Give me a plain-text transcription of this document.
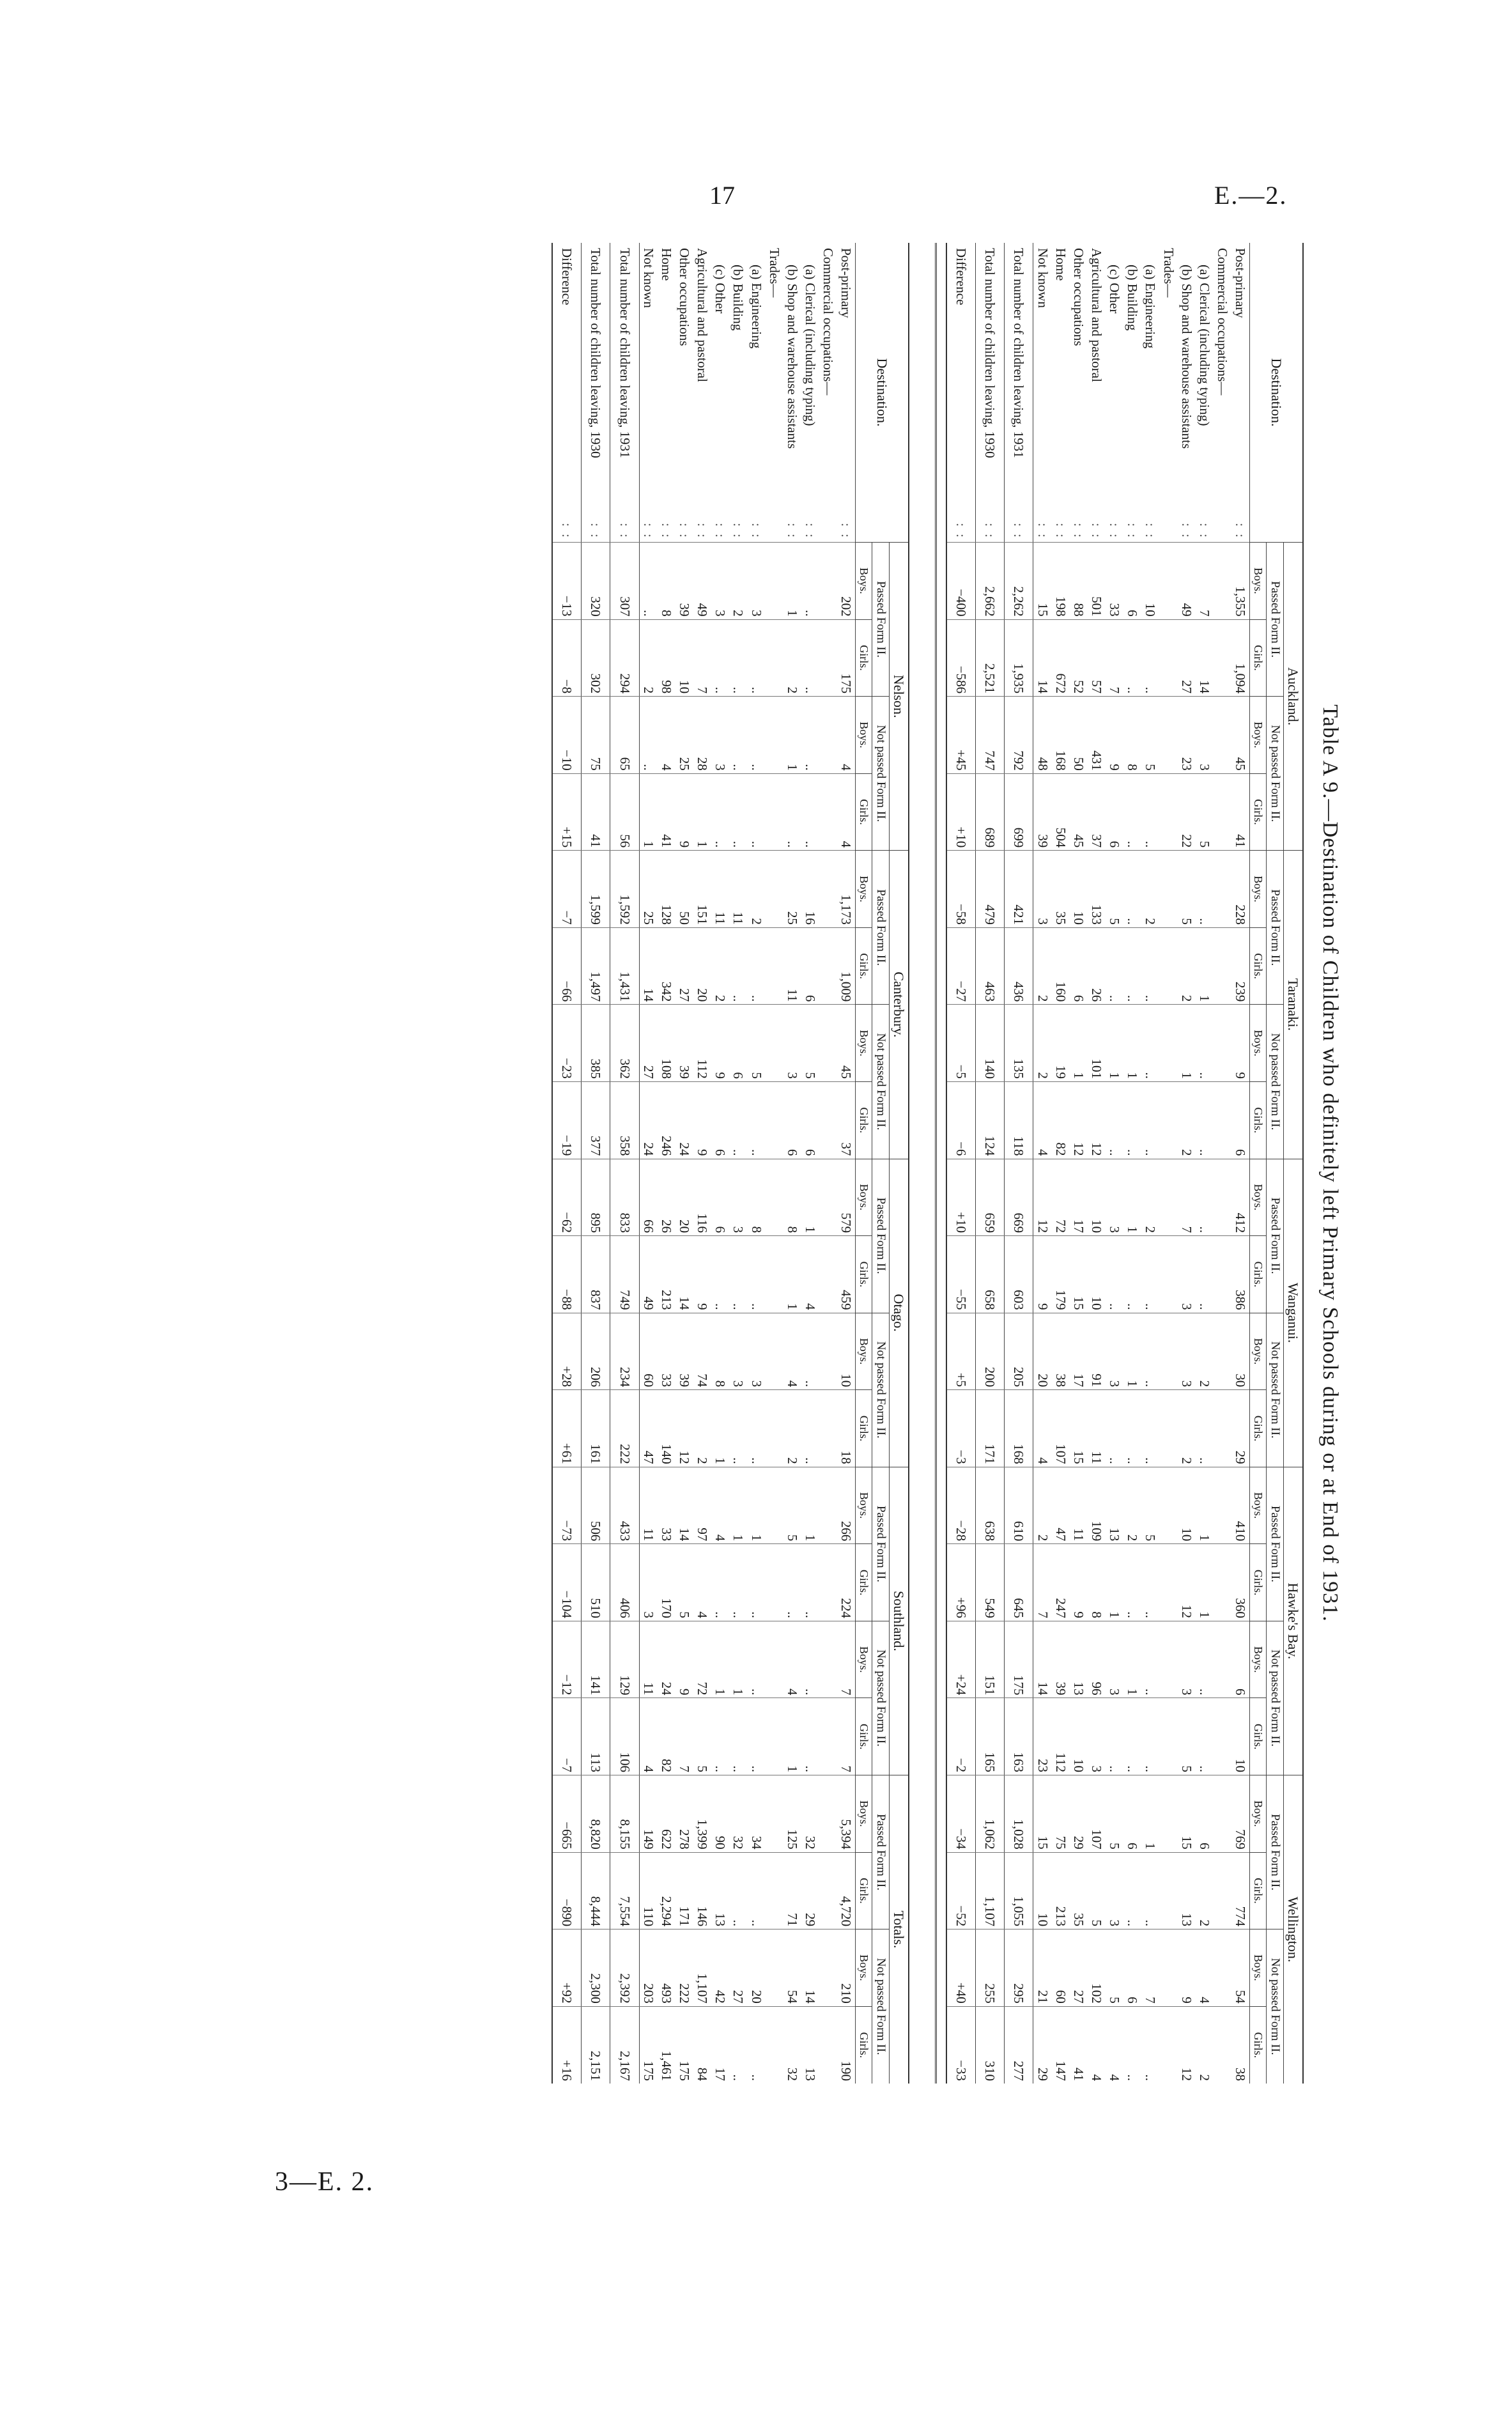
17	E.—2.
3—E. 2.
Table A 9.—Destination of Children who definitely left Primary Schools during or at End of 1931.
Destination.	Auckland.				Taranaki.				Wanganui.				Hawke's Bay.				Wellington.			
	Passed Form II.		Not passed Form II.		Passed Form II.		Not passed Form II.		Passed Form II.		Not passed Form II.		Passed Form II.		Not passed Form II.		Passed Form II.		Not passed Form II.	
	Boys.	Girls.	Boys.	Girls.	Boys.	Girls.	Boys.	Girls.	Boys.	Girls.	Boys.	Girls.	Boys.	Girls.	Boys.	Girls.	Boys.	Girls.	Boys.	Girls.
Post-primary
: :	1,355	1,094	45	41	228	239	9	6	412	386	30	29	410	360	6	10	769	774	54	38
Commercial occupations—																				
(a) Clerical (including typing)
: :	7	14	3	5	..	1	..	..	..	..	2	..	1	1	..	..	6	2	4	2
(b) Shop and warehouse assistants
: :	49	27	23	22	5	2	1	2	7	3	3	2	10	12	3	5	15	13	9	12
Trades—																				
(a) Engineering
: :	10	..	5	..	2	..	..	..	2	..	..	..	5	..	..	..	1	..	7	..
(b) Building
: :	6	..	8	..	..	..	1	..	1	..	1	..	2	..	1	..	6	..	6	..
(c) Other
: :	33	7	9	6	5	..	1	..	3	..	3	..	13	1	3	..	5	3	5	4
Agricultural and pastoral
: :	501	57	431	37	133	26	101	12	10	10	91	11	109	8	96	3	107	5	102	4
Other occupations
: :	88	52	50	45	10	6	1	12	17	15	17	15	11	9	13	10	29	35	27	41
Home
: :	198	672	168	504	35	160	19	82	72	179	38	107	47	247	39	112	75	213	60	147
Not known
: :	15	14	48	39	3	2	2	4	12	9	20	4	2	7	14	23	15	10	21	29
Total number of children leaving, 1931
: :	2,262	1,935	792	699	421	436	135	118	669	603	205	168	610	645	175	163	1,028	1,055	295	277
Total number of children leaving, 1930
: :	2,662	2,521	747	689	479	463	140	124	659	658	200	171	638	549	151	165	1,062	1,107	255	310
Difference
: :	−400	−586	+45	+10	−58	−27	−5	−6	+10	−55	+5	−3	−28	+96	+24	−2	−34	−52	+40	−33
Destination.	Nelson.				Canterbury.				Otago.				Southland.				Totals.			
	Passed Form II.		Not passed Form II.		Passed Form II.		Not passed Form II.		Passed Form II.		Not passed Form II.		Passed Form II.		Not passed Form II.		Passed Form II.		Not passed Form II.	
	Boys.	Girls.	Boys.	Girls.	Boys.	Girls.	Boys.	Girls.	Boys.	Girls.	Boys.	Girls.	Boys.	Girls.	Boys.	Girls.	Boys.	Girls.	Boys.	Girls.
Post-primary
: :	202	175	4	4	1,173	1,009	45	37	579	459	10	18	266	224	7	7	5,394	4,720	210	190
Commercial occupations—																				
(a) Clerical (including typing)
: :	..	..	..	..	16	6	5	6	1	4	..	..	1	..	..	..	32	29	14	13
(b) Shop and warehouse assistants
: :	1	2	1	..	25	11	3	6	8	1	4	2	5	..	4	1	125	71	54	32
Trades—																				
(a) Engineering
: :	3	..	..	..	2	..	5	..	8	..	3	..	1	..	..	..	34	..	20	..
(b) Building
: :	2	..	..	..	11	..	6	..	3	..	3	..	1	..	1	..	32	..	27	..
(c) Other
: :	3	..	3	..	11	2	9	6	6	..	8	1	4	..	1	..	90	13	42	17
Agricultural and pastoral
: :	49	7	28	1	151	20	112	9	116	9	74	2	97	4	72	5	1,399	146	1,107	84
Other occupations
: :	39	10	25	9	50	27	39	24	20	14	39	12	14	5	9	7	278	171	222	175
Home
: :	8	98	4	41	128	342	108	246	26	213	33	140	33	170	24	82	622	2,294	493	1,461
Not known
: :	..	2	..	1	25	14	27	24	66	49	60	47	11	3	11	4	149	110	203	175
Total number of children leaving, 1931
: :	307	294	65	56	1,592	1,431	362	358	833	749	234	222	433	406	129	106	8,155	7,554	2,392	2,167
Total number of children leaving, 1930
: :	320	302	75	41	1,599	1,497	385	377	895	837	206	161	506	510	141	113	8,820	8,444	2,300	2,151
Difference
: :	−13	−8	−10	+15	−7	−66	−23	−19	−62	−88	+28	+61	−73	−104	−12	−7	−665	−890	+92	+16
